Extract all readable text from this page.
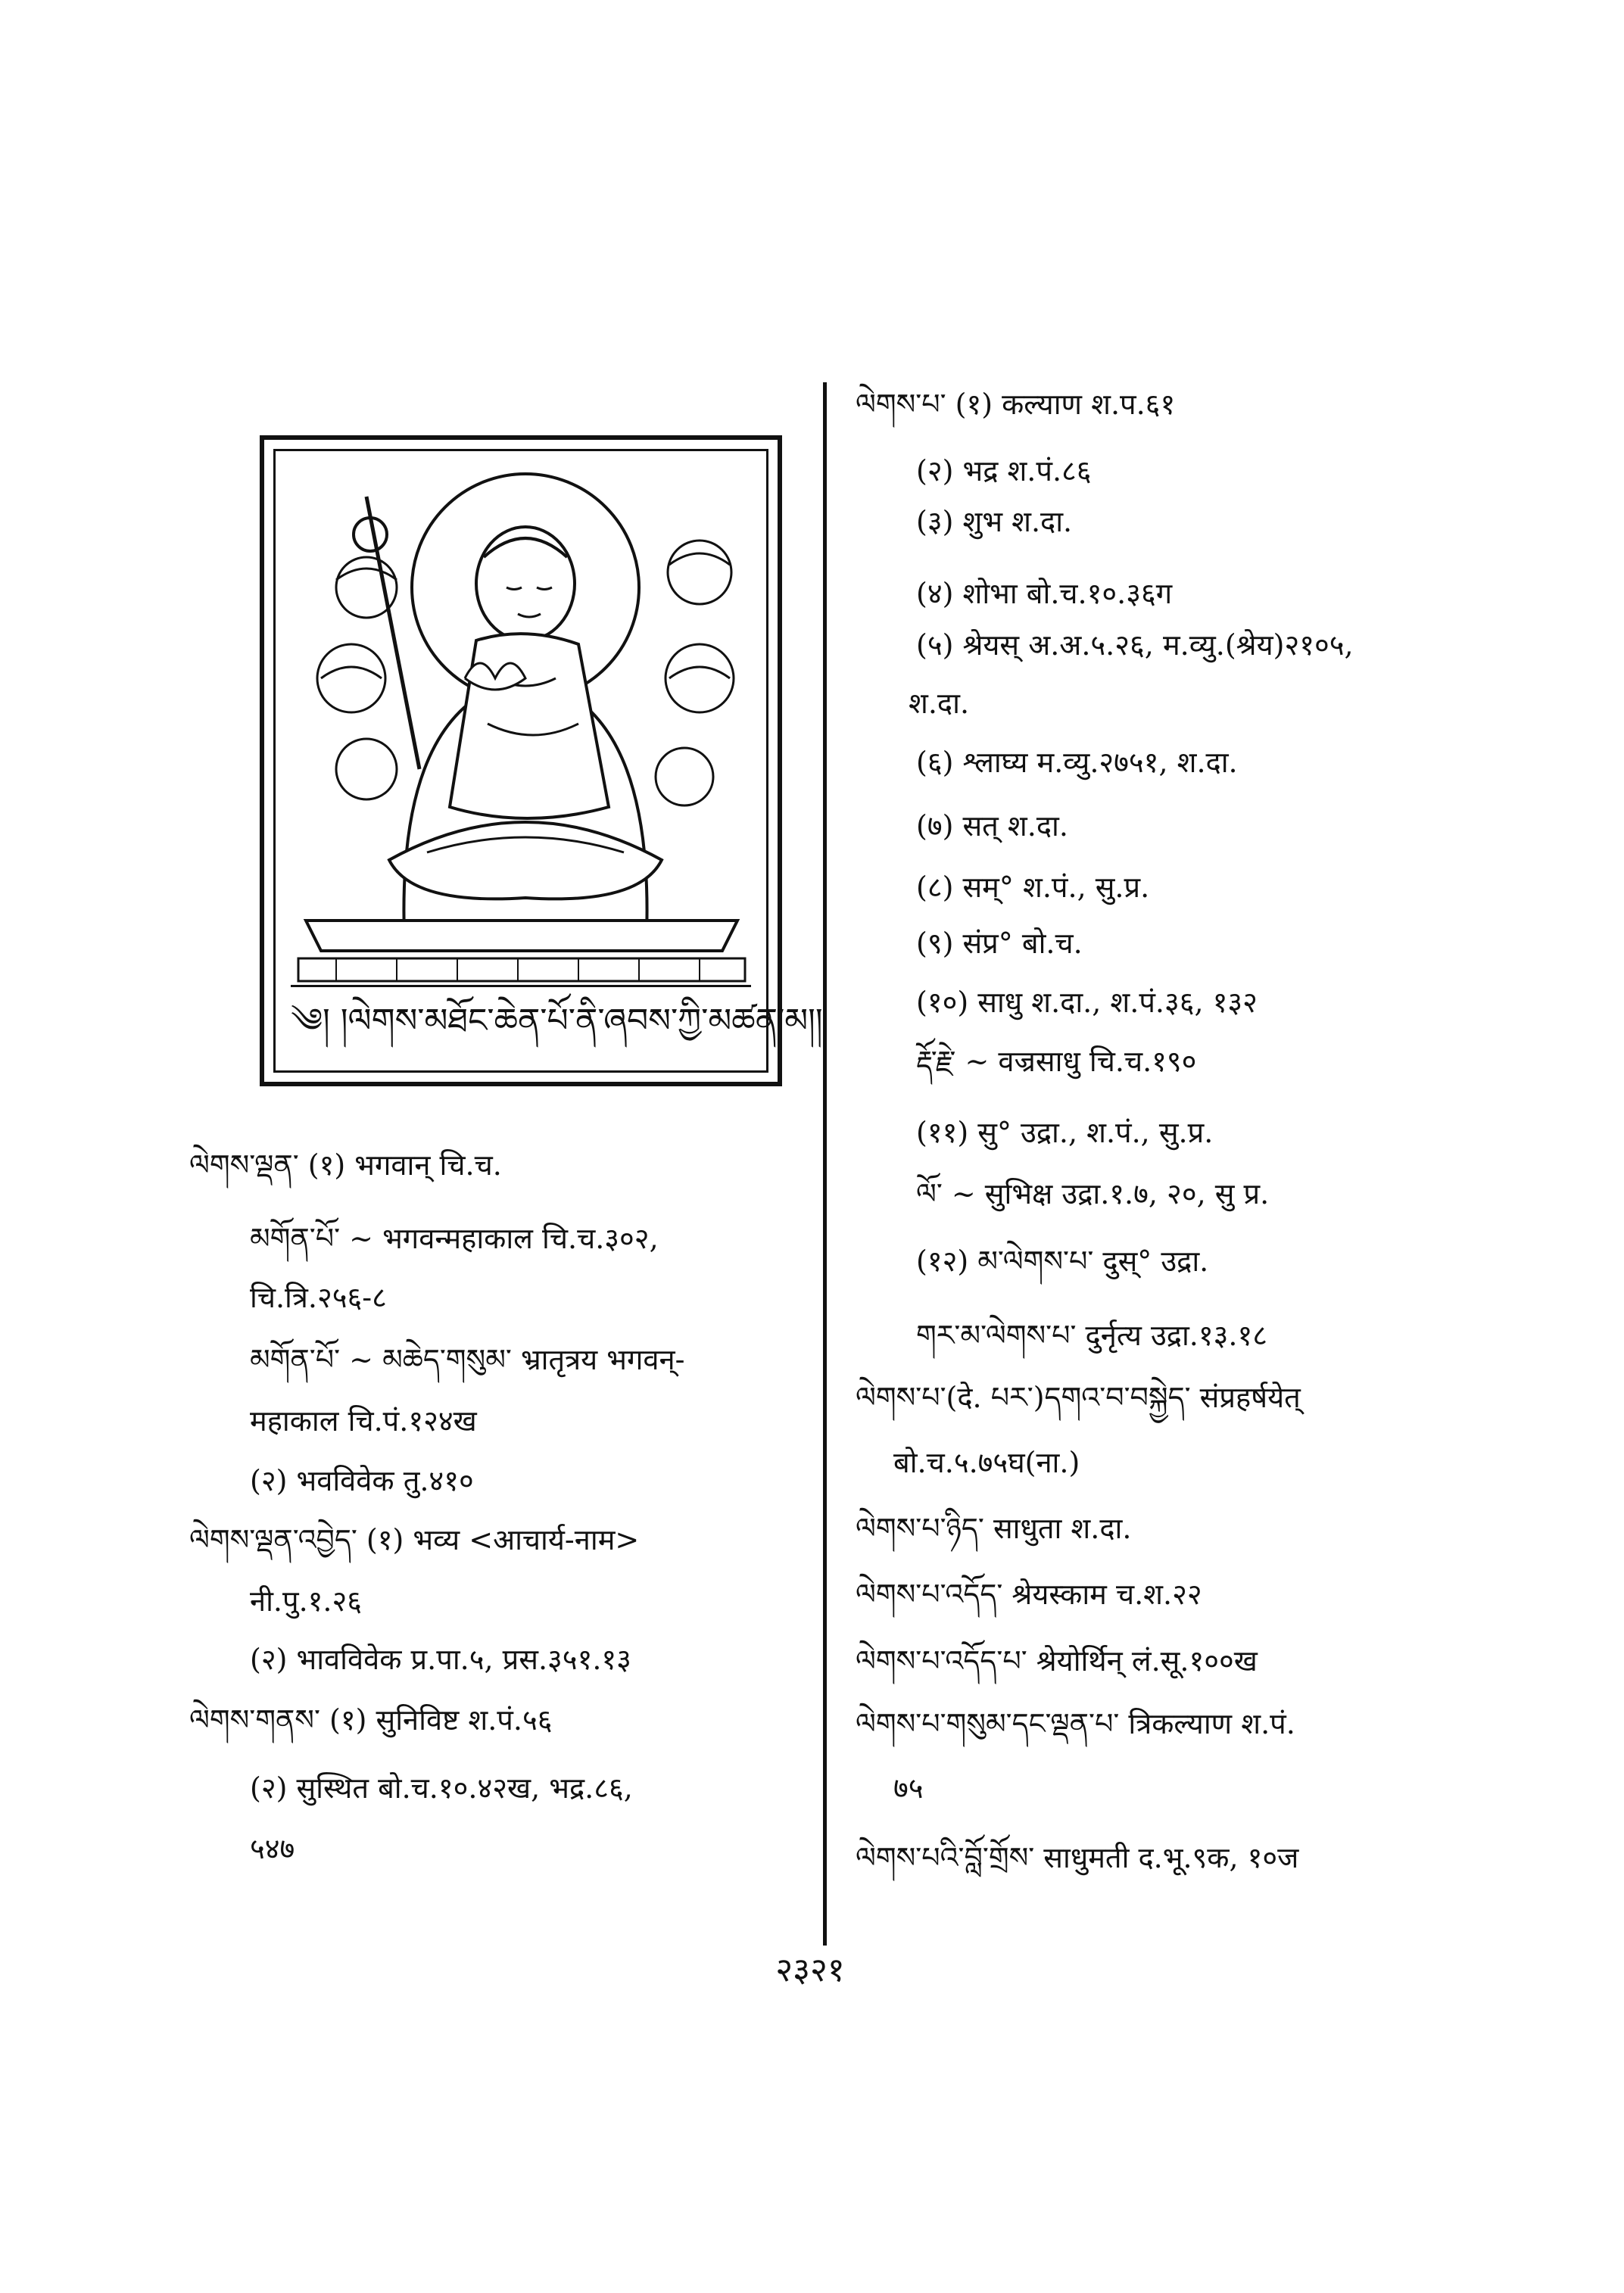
༄། །ལེགས་མཐོང་ཆེན་པོ་ནི་ཞབས་ཀྱི་མཚན་མ།།
ལེགས་ལྡན་ (१) भगवान् चि.च.
མགོན་པོ་ ~ भगवन्महाकाल चि.च.३०२,
चि.त्रि.२५६-८
མགོན་པོ་ ~ མཆེད་གསུམ་ भ्रातृत्रय भगवन्-
महाकाल चि.पं.१२४ख
(२) भवविवेक तु.४१०
ལེགས་ལྡན་འབྱེད་ (१) भव्य <आचार्य-नाम>
नी.पु.१.२६
(२) भावविवेक प्र.पा.५, प्रस.३५१.१३
ལེགས་གནས་ (१) सुनिविष्ट श.पं.५६
(२) सुस्थित बो.च.१०.४२ख, भद्र.८६,
५४७
ལེགས་པ་ (१) कल्याण श.प.६१
(२) भद्र श.पं.८६
(३) शुभ श.दा.
(४) शोभा बो.च.१०.३६ग
(५) श्रेयस् अ.अ.५.२६, म.व्यु.(श्रेय)२१०५,
श.दा.
(६) श्लाघ्य म.व्यु.२७५१, श.दा.
(७) सत् श.दा.
(८) सम्° श.पं., सु.प्र.
(९) संप्र° बो.च.
(१०) साधु श.दा., श.पं.३६, १३२
རྡོ་རྗེ་ ~ वज्रसाधु चि.च.१९०
(११) सु° उद्रा., श.पं., सु.प्र.
ལོ་ ~ सुभिक्ष उद्रा.१.७, २०, सु प्र.
(१२) མ་ལེགས་པ་ दुस्° उद्रा.
གར་མ་ལེགས་པ་ दुर्नृत्य उद्रा.१३.१८
ལེགས་པ་(दे. པར་)དགའ་བ་བསྐྱེད་ संप्रहर्षयेत्
बो.च.५.७५घ(ना.)
ལེགས་པ་ཉིད་ साधुता श.दा.
ལེགས་པ་འདོད་ श्रेयस्काम च.श.२२
ལེགས་པ་འདོད་པ་ श्रेयोर्थिन् लं.सू.१००ख
ལེགས་པ་གསུམ་དང་ལྡན་པ་ त्रिकल्याण श.पं.
७५
ལེགས་པའི་བློ་གྲོས་ साधुमती द.भू.९क, १०ज
२३२१
